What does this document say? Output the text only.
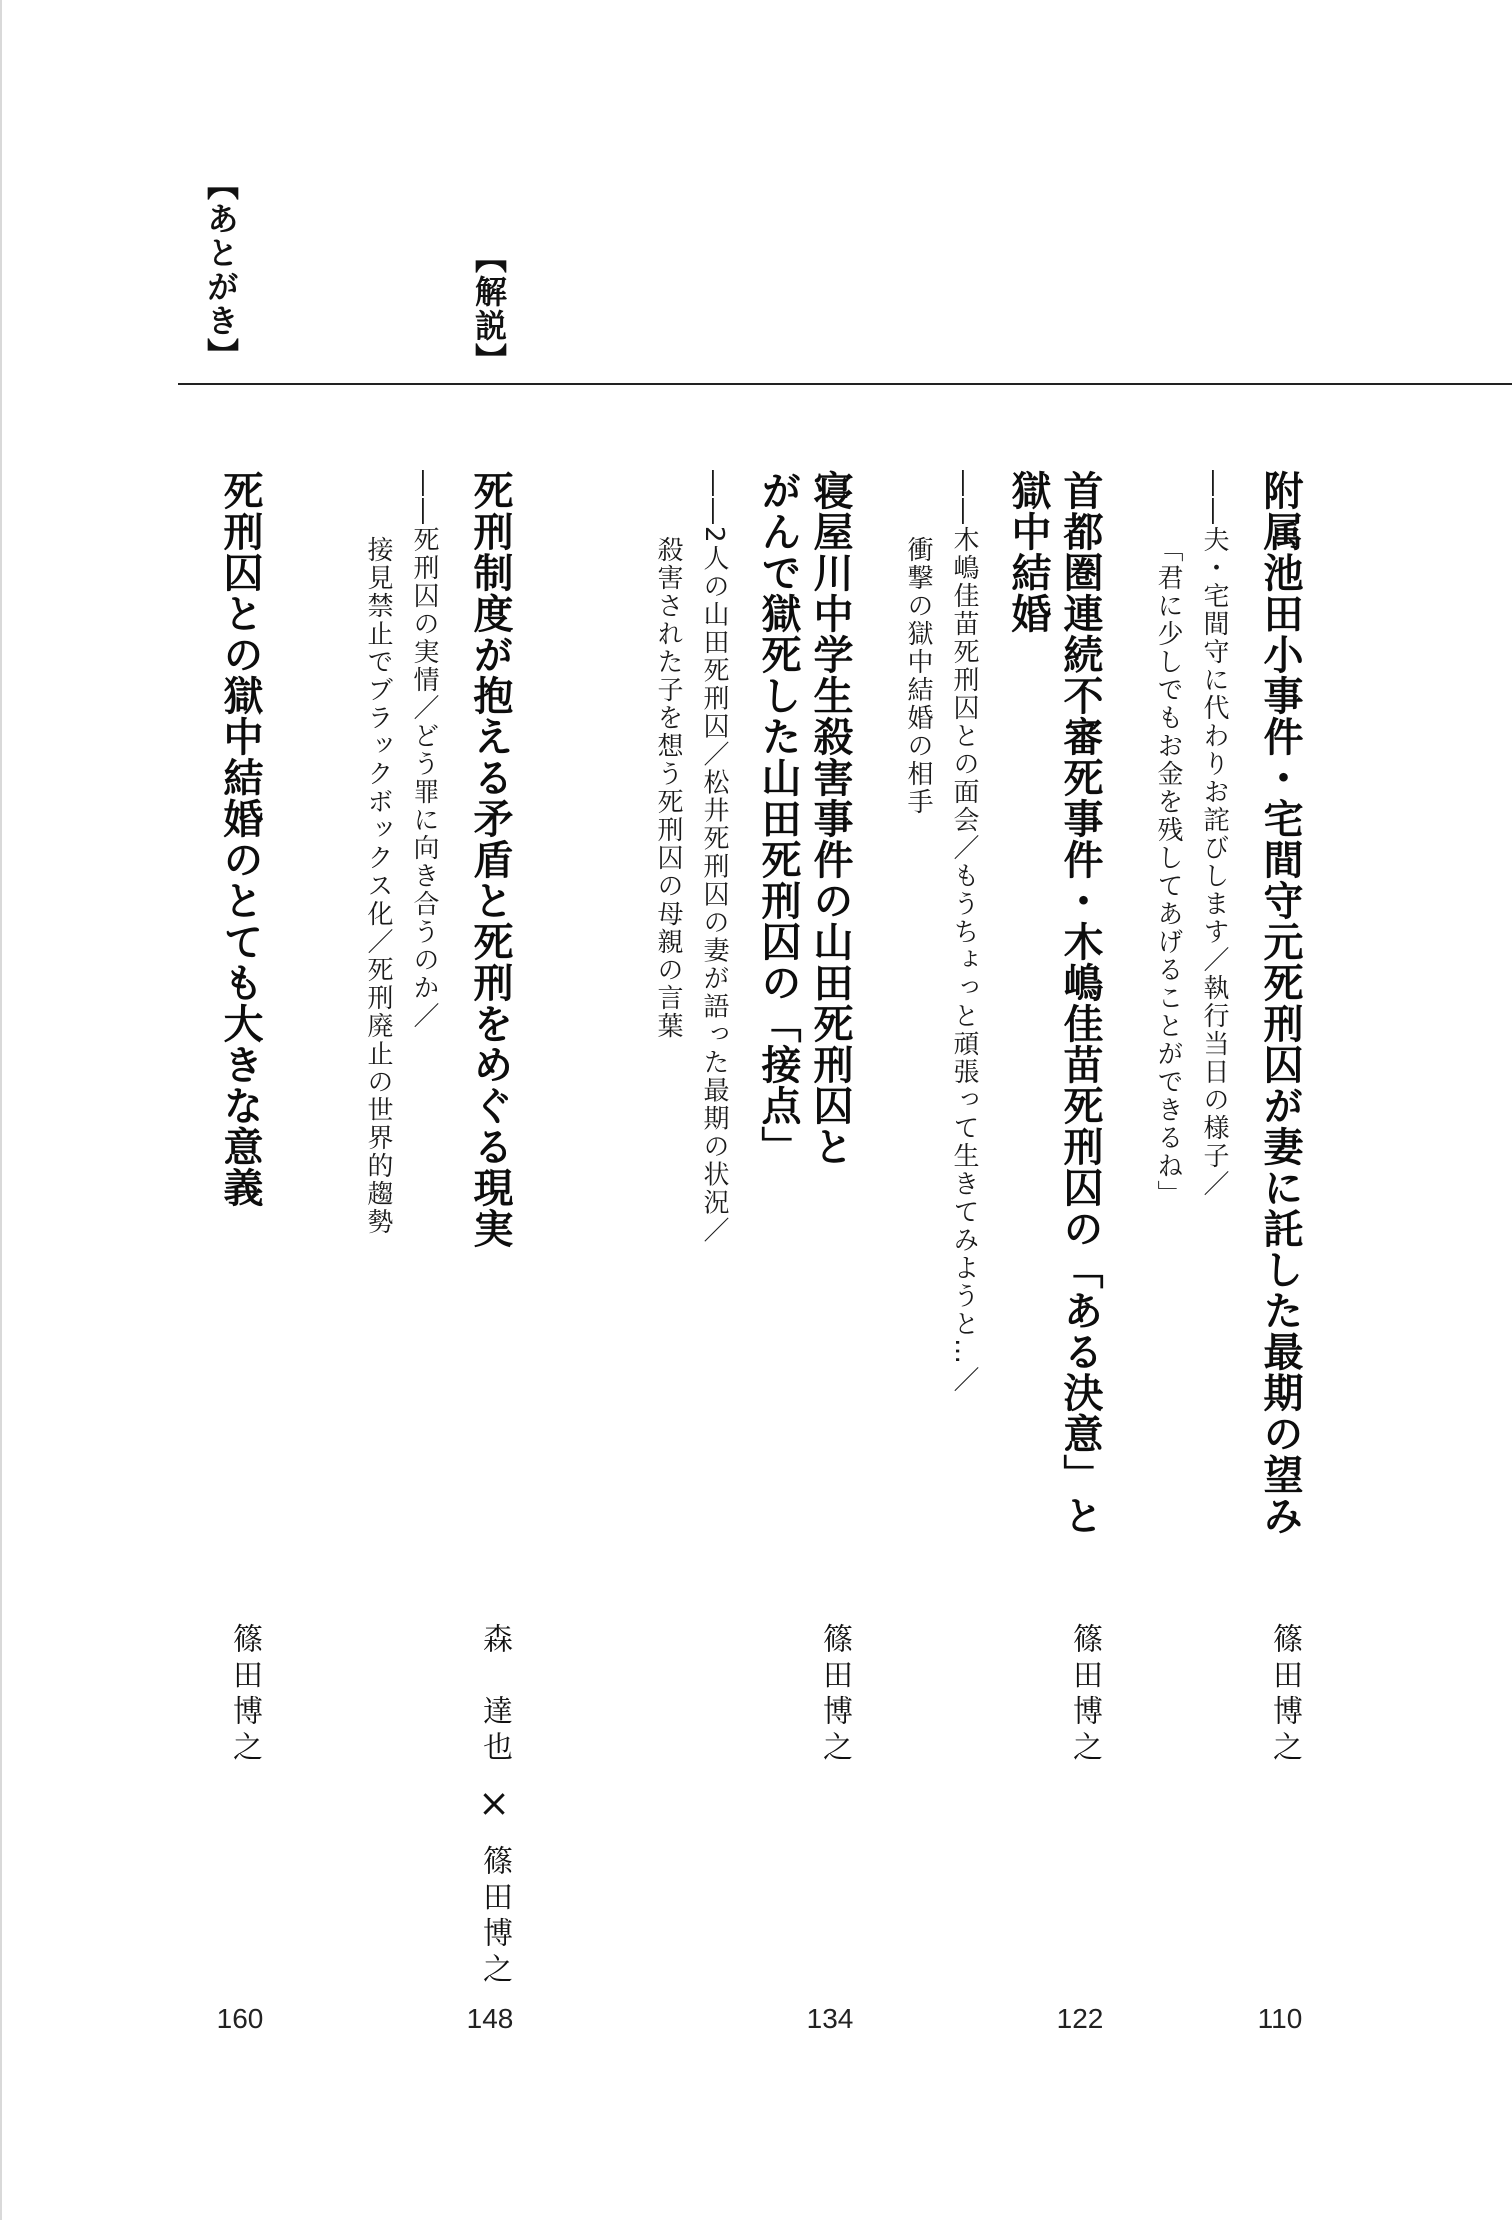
【あとがき】	【解説】
附属池田小事件・宅間守元死刑囚が妻に託した最期の望み
――夫・宅間守に代わりお詫びします／執行当日の様子／
「君に少しでもお金を残してあげることができるね」
篠田博之
110
首都圏連続不審死事件・木嶋佳苗死刑囚の「ある決意」と
獄中結婚
――木嶋佳苗死刑囚との面会／もうちょっと頑張って生きてみようと…／
衝撃の獄中結婚の相手
篠田博之
122
寝屋川中学生殺害事件の山田死刑囚と
がんで獄死した山田死刑囚の「接点」
――2人の山田死刑囚／松井死刑囚の妻が語った最期の状況／
殺害された子を想う死刑囚の母親の言葉
篠田博之
134
死刑制度が抱える矛盾と死刑をめぐる現実
――死刑囚の実情／どう罪に向き合うのか／
接見禁止でブラックボックス化／死刑廃止の世界的趨勢
森　達也×篠田博之
148
死刑囚との獄中結婚のとても大きな意義
篠田博之
160
